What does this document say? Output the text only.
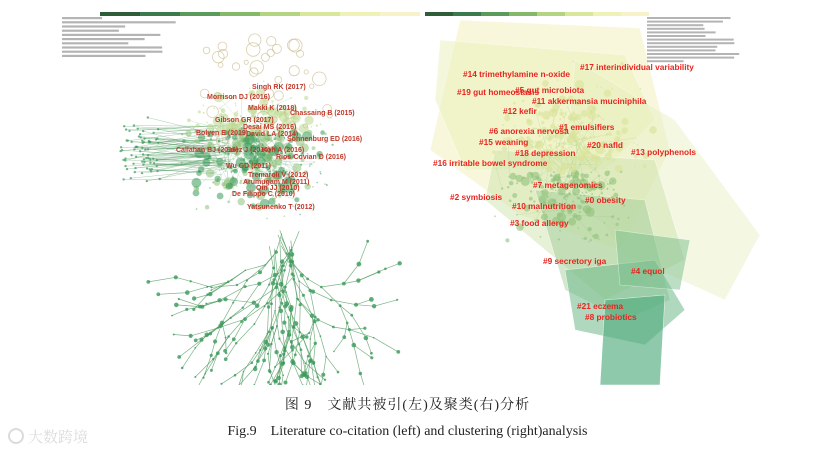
Singh RK (2017)
Morrison DJ (2016)
Makki K (2018)
Chassaing B (2015)
Gibson GR (2017)
Desai MS (2016)
Bolyen E (2019)
David LA (2014)
Sonnenburg ED (2016)
Callahan BJ (2016)
Suez J (2014)
Koh A (2016)
Rios-Covian D (2016)
Wu GD (2011)
Tremaroli V (2012)
Arumugam M (2011)
Qin JJ (2010)
De Filippo C (2010)
Yatsunenko T (2012)
#17 interindividual variability
#14 trimethylamine n-oxide
#19 gut homeostasis
#5 gut microbiota
#11 akkermansia muciniphila
#12 kefir
#1 emulsifiers
#6 anorexia nervosa
#15 weaning	#20 nafld
#18 depression	#13 polyphenols
#16 irritable bowel syndrome
#7 metagenomics
#2 symbiosis	#0 obesity
#10 malnutrition
#3 food allergy
#9 secretory iga
#4 equol
#21 eczema
#8 probiotics
图 9　文献共被引(左)及聚类(右)分析
Fig.9　Literature co-citation (left) and clustering (right)analysis
大数跨境
